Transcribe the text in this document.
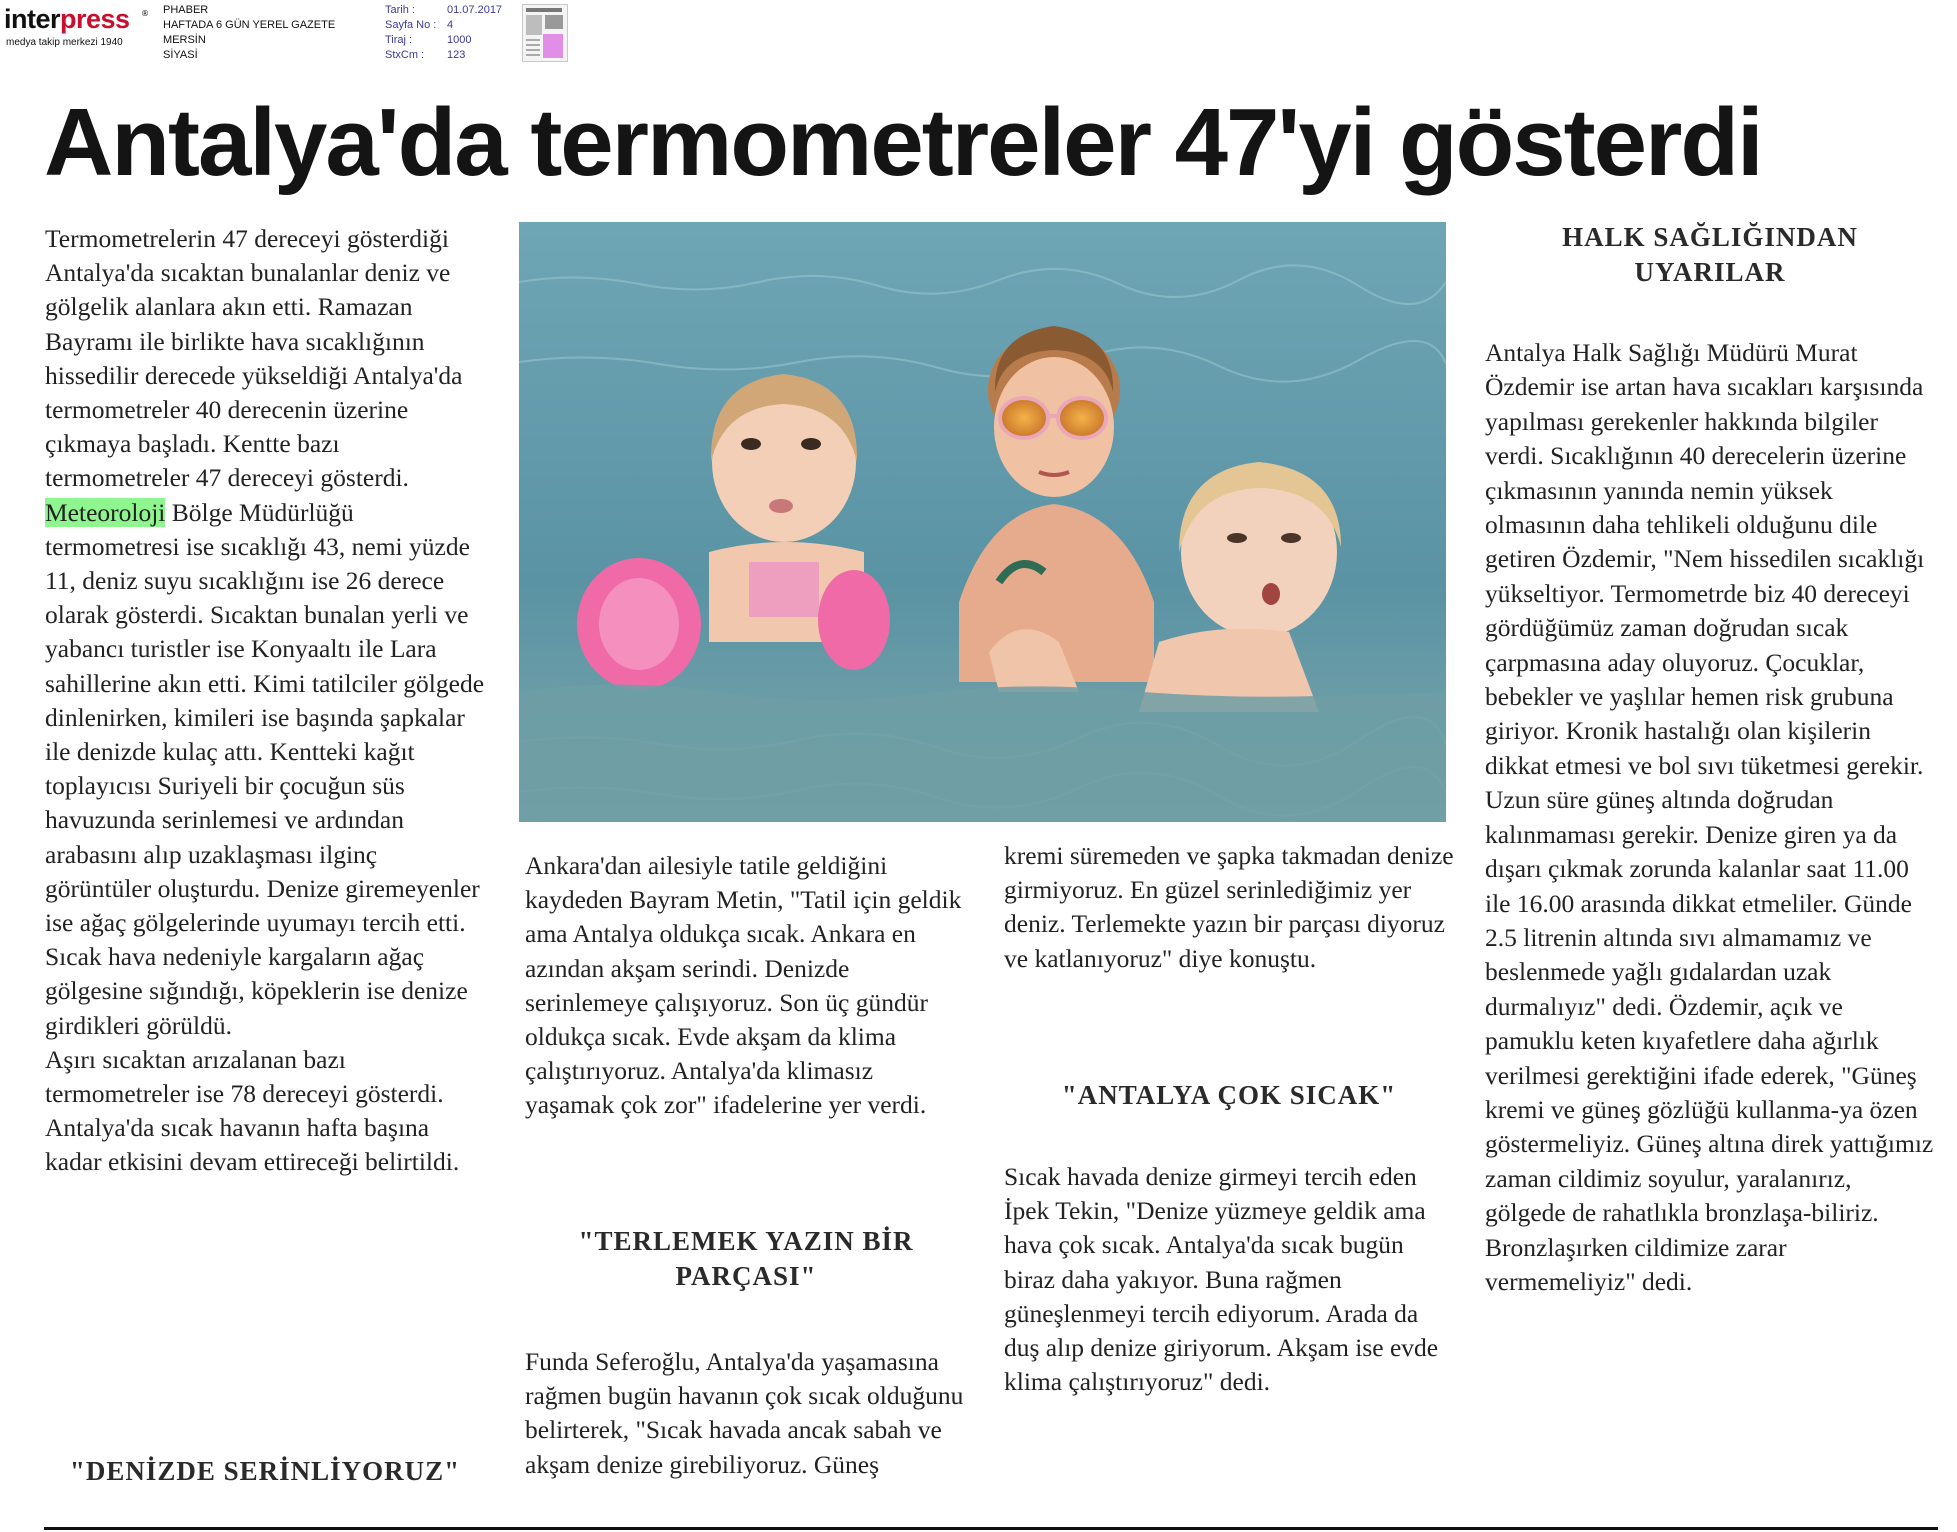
interpress ®
medya takip merkezi 1940
PHABER
HAFTADA 6 GÜN YEREL GAZETE
MERSİN
SİYASİ
Tarih :	01.07.2017
Sayfa No : 4
Tiraj :	1000
StxCm :	123
Antalya'da termometreler 47'yi gösterdi

Termometrelerin 47 dereceyi gösterdiği Antalya'da sıcaktan bunalanlar deniz ve gölgelik alanlara akın etti. Ramazan Bayramı ile birlikte hava sıcaklığının hissedilir derecede yükseldiği Antalya'da termometreler 40 derecenin üzerine çıkmaya başladı. Kentte bazı termometreler 47 dereceyi gösterdi. Meteoroloji Bölge Müdürlüğü termometresi ise sıcaklığı 43, nemi yüzde 11, deniz suyu sıcaklığını ise 26 derece olarak gösterdi. Sıcaktan bunalan yerli ve yabancı turistler ise Konyaaltı ile Lara sahillerine akın etti. Kimi tatilciler gölgede dinlenirken, kimileri ise başında şapkalar ile denizde kulaç attı. Kentteki kağıt toplayıcısı Suriyeli bir çocuğun süs havuzunda serinlemesi ve ardından arabasını alıp uzaklaşması ilginç görüntüler oluşturdu. Denize giremeyenler ise ağaç gölgelerinde uyumayı tercih etti. Sıcak hava nedeniyle kargaların ağaç gölgesine sığındığı, köpeklerin ise denize girdikleri görüldü.

Aşırı sıcaktan arızalanan bazı termometreler ise 78 dereceyi gösterdi. Antalya'da sıcak havanın hafta başına kadar etkisini devam ettireceği belirtildi.

"DENİZDE SERİNLİYORUZ"

Ankara'dan ailesiyle tatile geldiğini kaydeden Bayram Metin, "Tatil için geldik ama Antalya oldukça sıcak. Ankara en azından akşam serindi. Denizde serinlemeye çalışıyoruz. Son üç gündür oldukça sıcak. Evde akşam da klima çalıştırıyoruz. Antalya'da klimasız yaşamak çok zor" ifadelerine yer verdi.

"TERLEMEK YAZIN BİR PARÇASI"

Funda Seferoğlu, Antalya'da yaşamasına rağmen bugün havanın çok sıcak olduğunu belirterek, "Sıcak havada ancak sabah ve akşam denize girebiliyoruz. Güneş

kremi süremeden ve şapka takmadan denize girmiyoruz. En güzel serinlediğimiz yer deniz. Terlemekte yazın bir parçası diyoruz ve katlanıyoruz" diye konuştu.

"ANTALYA ÇOK SICAK"

Sıcak havada denize girmeyi tercih eden İpek Tekin, "Denize yüzmeye geldik ama hava çok sıcak. Antalya'da sıcak bugün biraz daha yakıyor. Buna rağmen güneşlenmeyi tercih ediyorum. Arada da duş alıp denize giriyorum. Akşam ise evde klima çalıştırıyoruz" dedi.

HALK SAĞLIĞINDAN UYARILAR

Antalya Halk Sağlığı Müdürü Murat Özdemir ise artan hava sıcakları karşısında yapılması gerekenler hakkında bilgiler verdi. Sıcaklığının 40 derecelerin üzerine çıkmasının yanında nemin yüksek olmasının daha tehlikeli olduğunu dile getiren Özdemir, "Nem hissedilen sıcaklığı yükseltiyor. Termometrde biz 40 dereceyi gördüğümüz zaman doğrudan sıcak çarpmasına aday oluyoruz. Çocuklar, bebekler ve yaşlılar hemen risk grubuna giriyor. Kronik hastalığı olan kişilerin dikkat etmesi ve bol sıvı tüketmesi gerekir. Uzun süre güneş altında doğrudan kalınmaması gerekir. Denize giren ya da dışarı çıkmak zorunda kalanlar saat 11.00 ile 16.00 arasında dikkat etmeliler. Günde 2.5 litrenin altında sıvı almamamız ve beslenmede yağlı gıdalardan uzak durmalıyız" dedi. Özdemir, açık ve pamuklu keten kıyafetlere daha ağırlık verilmesi gerektiğini ifade ederek, "Güneş kremi ve güneş gözlüğü kullanma-ya özen göstermeliyiz. Güneş altına direk yattığımız zaman cildimiz soyulur, yaralanırız, gölgede de rahatlıkla bronzlaşa-biliriz. Bronzlaşırken cildimize zarar vermemeliyiz" dedi.
